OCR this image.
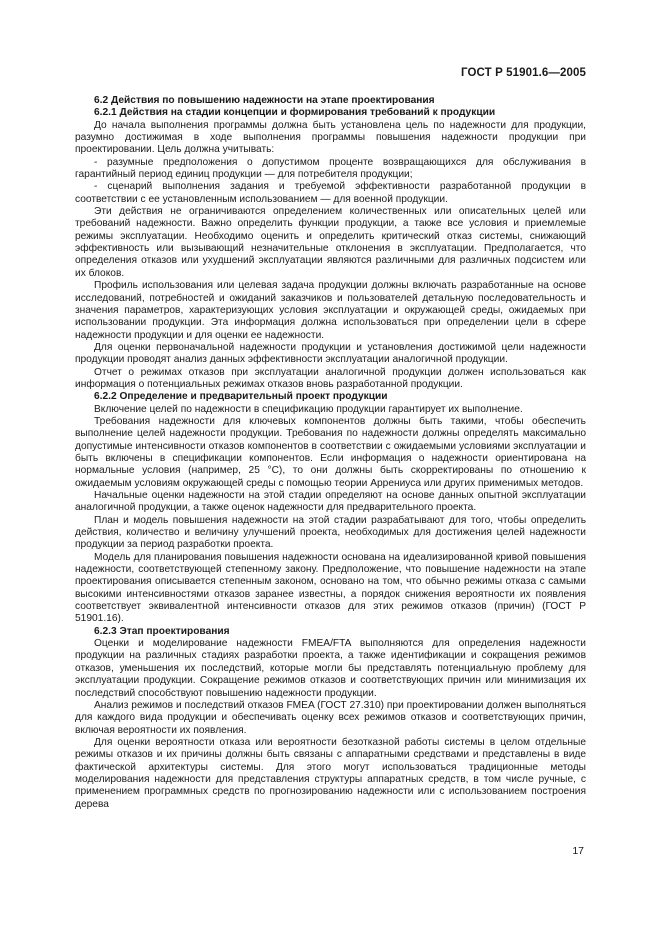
ГОСТ Р 51901.6—2005

6.2 Действия по повышению надежности на этапе проектирования

6.2.1 Действия на стадии концепции и формирования требований к продукции

До начала выполнения программы должна быть установлена цель по надежности для продукции, разумно достижимая в ходе выполнения программы повышения надежности продукции при проектировании. Цель должна учитывать:

- разумные предположения о допустимом проценте возвращающихся для обслуживания в гарантийный период единиц продукции — для потребителя продукции;

- сценарий выполнения задания и требуемой эффективности разработанной продукции в соответствии с ее установленным использованием — для военной продукции.

Эти действия не ограничиваются определением количественных или описательных целей или требований надежности. Важно определить функции продукции, а также все условия и приемлемые режимы эксплуатации. Необходимо оценить и определить критический отказ системы, снижающий эффективность или вызывающий незначительные отклонения в эксплуатации. Предполагается, что определения отказов или ухудшений эксплуатации являются различными для различных подсистем или их блоков.

Профиль использования или целевая задача продукции должны включать разработанные на основе исследований, потребностей и ожиданий заказчиков и пользователей детальную последовательность и значения параметров, характеризующих условия эксплуатации и окружающей среды, ожидаемых при использовании продукции. Эта информация должна использоваться при определении цели в сфере надежности продукции и для оценки ее надежности.

Для оценки первоначальной надежности продукции и установления достижимой цели надежности продукции проводят анализ данных эффективности эксплуатации аналогичной продукции.

Отчет о режимах отказов при эксплуатации аналогичной продукции должен использоваться как информация о потенциальных режимах отказов вновь разработанной продукции.

6.2.2 Определение и предварительный проект продукции

Включение целей по надежности в спецификацию продукции гарантирует их выполнение.

Требования надежности для ключевых компонентов должны быть такими, чтобы обеспечить выполнение целей надежности продукции. Требования по надежности должны определять максимально допустимые интенсивности отказов компонентов в соответствии с ожидаемыми условиями эксплуатации и быть включены в спецификации компонентов. Если информация о надежности ориентирована на нормальные условия (например, 25 °С), то они должны быть скорректированы по отношению к ожидаемым условиям окружающей среды с помощью теории Аррениуса или других применимых методов.

Начальные оценки надежности на этой стадии определяют на основе данных опытной эксплуатации аналогичной продукции, а также оценок надежности для предварительного проекта.

План и модель повышения надежности на этой стадии разрабатывают для того, чтобы определить действия, количество и величину улучшений проекта, необходимых для достижения целей надежности продукции за период разработки проекта.

Модель для планирования повышения надежности основана на идеализированной кривой повышения надежности, соответствующей степенному закону. Предположение, что повышение надежности на этапе проектирования описывается степенным законом, основано на том, что обычно режимы отказа с самыми высокими интенсивностями отказов заранее известны, а порядок снижения вероятности их появления соответствует эквивалентной интенсивности отказов для этих режимов отказов (причин) (ГОСТ Р 51901.16).

6.2.3 Этап проектирования

Оценки и моделирование надежности FMEA/FTA выполняются для определения надежности продукции на различных стадиях разработки проекта, а также идентификации и сокращения режимов отказов, уменьшения их последствий, которые могли бы представлять потенциальную проблему для эксплуатации продукции. Сокращение режимов отказов и соответствующих причин или минимизация их последствий способствуют повышению надежности продукции.

Анализ режимов и последствий отказов FMEA (ГОСТ 27.310) при проектировании должен выполняться для каждого вида продукции и обеспечивать оценку всех режимов отказов и соответствующих причин, включая вероятности их появления.

Для оценки вероятности отказа или вероятности безотказной работы системы в целом отдельные режимы отказов и их причины должны быть связаны с аппаратными средствами и представлены в виде фактической архитектуры системы. Для этого могут использоваться традиционные методы моделирования надежности для представления структуры аппаратных средств, в том числе ручные, с применением программных средств по прогнозированию надежности или с использованием построения дерева

17
